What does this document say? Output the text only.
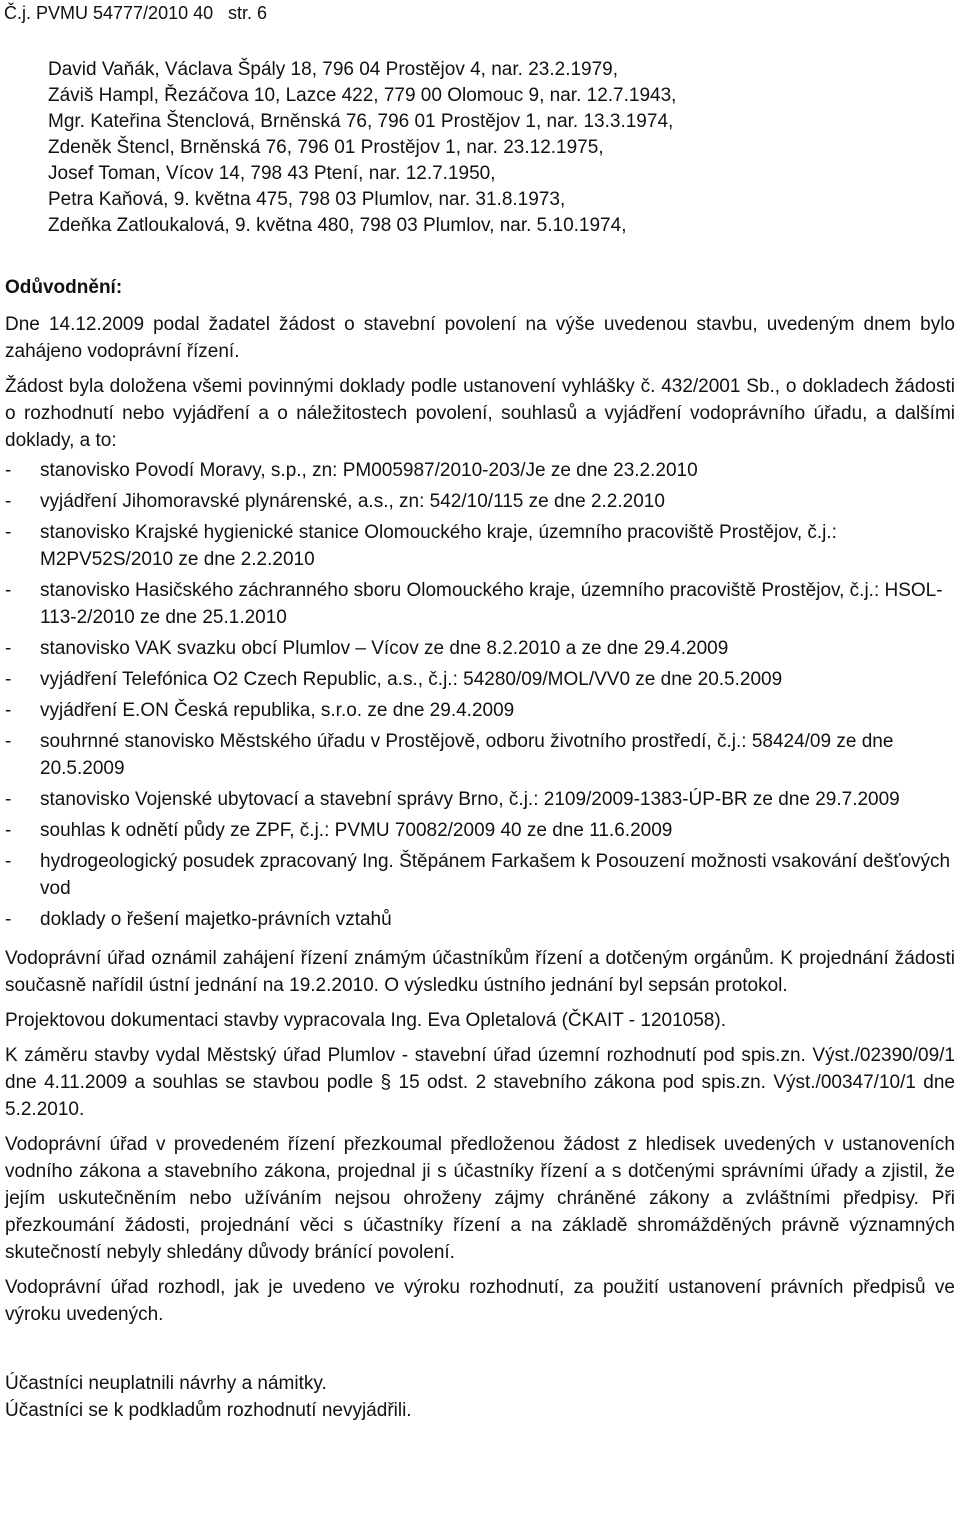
Č.j. PVMU 54777/2010 40 str. 6
David Vaňák, Václava Špály 18, 796 04 Prostějov 4, nar. 23.2.1979,
Záviš Hampl, Řezáčova 10, Lazce 422, 779 00 Olomouc 9, nar. 12.7.1943,
Mgr. Kateřina Štenclová, Brněnská 76, 796 01 Prostějov 1, nar. 13.3.1974,
Zdeněk Štencl, Brněnská 76, 796 01 Prostějov 1, nar. 23.12.1975,
Josef Toman, Vícov 14, 798 43 Ptení, nar. 12.7.1950,
Petra Kaňová, 9. května 475, 798 03 Plumlov, nar. 31.8.1973,
Zdeňka Zatloukalová, 9. května 480, 798 03 Plumlov, nar. 5.10.1974,
Odůvodnění:

Dne 14.12.2009 podal žadatel žádost o stavební povolení na výše uvedenou stavbu, uvedeným dnem bylo zahájeno vodoprávní řízení.

Žádost byla doložena všemi povinnými doklady podle ustanovení vyhlášky č. 432/2001 Sb., o dokladech žádosti o rozhodnutí nebo vyjádření a o náležitostech povolení, souhlasů a vyjádření vodoprávního úřadu, a dalšími doklady, a to:

- stanovisko Povodí Moravy, s.p., zn: PM005987/2010-203/Je ze dne 23.2.2010
- vyjádření Jihomoravské plynárenské, a.s., zn: 542/10/115 ze dne 2.2.2010
- stanovisko Krajské hygienické stanice Olomouckého kraje, územního pracoviště Prostějov, č.j.: M2PV52S/2010 ze dne 2.2.2010
- stanovisko Hasičského záchranného sboru Olomouckého kraje, územního pracoviště Prostějov, č.j.: HSOL-113-2/2010 ze dne 25.1.2010
- stanovisko VAK svazku obcí Plumlov – Vícov ze dne 8.2.2010 a ze dne 29.4.2009
- vyjádření Telefónica O2 Czech Republic, a.s., č.j.: 54280/09/MOL/VV0 ze dne 20.5.2009
- vyjádření E.ON Česká republika, s.r.o. ze dne 29.4.2009
- souhrnné stanovisko Městského úřadu v Prostějově, odboru životního prostředí, č.j.: 58424/09 ze dne 20.5.2009
- stanovisko Vojenské ubytovací a stavební správy Brno, č.j.: 2109/2009-1383-ÚP-BR ze dne 29.7.2009
- souhlas k odnětí půdy ze ZPF, č.j.: PVMU 70082/2009 40 ze dne 11.6.2009
- hydrogeologický posudek zpracovaný Ing. Štěpánem Farkašem k Posouzení možnosti vsakování dešťových vod
- doklady o řešení majetko-právních vztahů

Vodoprávní úřad oznámil zahájení řízení známým účastníkům řízení a dotčeným orgánům. K projednání žádosti současně nařídil ústní jednání na 19.2.2010. O výsledku ústního jednání byl sepsán protokol.

Projektovou dokumentaci stavby vypracovala Ing. Eva Opletalová (ČKAIT - 1201058).

K záměru stavby vydal Městský úřad Plumlov - stavební úřad územní rozhodnutí pod spis.zn. Výst./02390/09/1 dne 4.11.2009 a souhlas se stavbou podle § 15 odst. 2 stavebního zákona pod spis.zn. Výst./00347/10/1 dne 5.2.2010.

Vodoprávní úřad v provedeném řízení přezkoumal předloženou žádost z hledisek uvedených v ustanoveních vodního zákona a stavebního zákona, projednal ji s účastníky řízení a s dotčenými správními úřady a zjistil, že jejím uskutečněním nebo užíváním nejsou ohroženy zájmy chráněné zákony a zvláštními předpisy. Při přezkoumání žádosti, projednání věci s účastníky řízení a na základě shromážděných právně významných skutečností nebyly shledány důvody bránící povolení.

Vodoprávní úřad rozhodl, jak je uvedeno ve výroku rozhodnutí, za použití ustanovení právních předpisů ve výroku uvedených.

Účastníci neuplatnili návrhy a námitky.

Účastníci se k podkladům rozhodnutí nevyjádřili.
